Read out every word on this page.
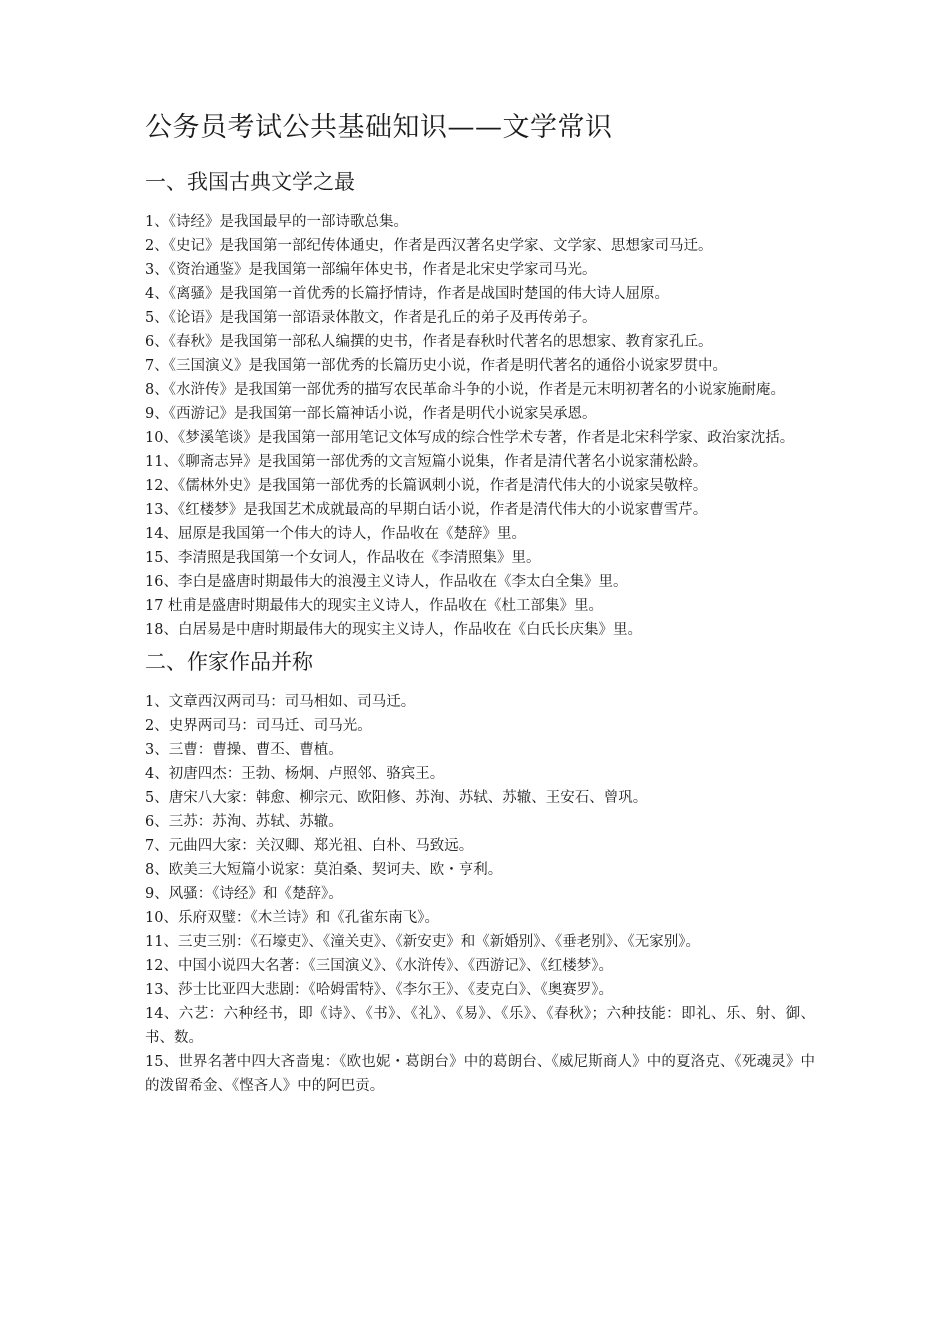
公务员考试公共基础知识——文学常识
一、我国古典文学之最
1、《诗经》是我国最早的一部诗歌总集。
2、《史记》是我国第一部纪传体通史，作者是西汉著名史学家、文学家、思想家司马迁。
3、《资治通鉴》是我国第一部编年体史书，作者是北宋史学家司马光。
4、《离骚》是我国第一首优秀的长篇抒情诗，作者是战国时楚国的伟大诗人屈原。
5、《论语》是我国第一部语录体散文，作者是孔丘的弟子及再传弟子。
6、《春秋》是我国第一部私人编撰的史书，作者是春秋时代著名的思想家、教育家孔丘。
7、《三国演义》是我国第一部优秀的长篇历史小说，作者是明代著名的通俗小说家罗贯中。
8、《水浒传》是我国第一部优秀的描写农民革命斗争的小说，作者是元末明初著名的小说家施耐庵。
9、《西游记》是我国第一部长篇神话小说，作者是明代小说家吴承恩。
10、《梦溪笔谈》是我国第一部用笔记文体写成的综合性学术专著，作者是北宋科学家、政治家沈括。
11、《聊斋志异》是我国第一部优秀的文言短篇小说集，作者是清代著名小说家蒲松龄。
12、《儒林外史》是我国第一部优秀的长篇讽刺小说，作者是清代伟大的小说家吴敬梓。
13、《红楼梦》是我国艺术成就最高的早期白话小说，作者是清代伟大的小说家曹雪芹。
14、屈原是我国第一个伟大的诗人，作品收在《楚辞》里。
15、李清照是我国第一个女词人，作品收在《李清照集》里。
16、李白是盛唐时期最伟大的浪漫主义诗人，作品收在《李太白全集》里。
17 杜甫是盛唐时期最伟大的现实主义诗人，作品收在《杜工部集》里。
18、白居易是中唐时期最伟大的现实主义诗人，作品收在《白氏长庆集》里。
二、作家作品并称
1、文章西汉两司马：司马相如、司马迁。
2、史界两司马：司马迁、司马光。
3、三曹：曹操、曹丕、曹植。
4、初唐四杰：王勃、杨炯、卢照邻、骆宾王。
5、唐宋八大家：韩愈、柳宗元、欧阳修、苏洵、苏轼、苏辙、王安石、曾巩。
6、三苏：苏洵、苏轼、苏辙。
7、元曲四大家：关汉卿、郑光祖、白朴、马致远。
8、欧美三大短篇小说家：莫泊桑、契诃夫、欧・亨利。
9、风骚：《诗经》和《楚辞》。
10、乐府双璧：《木兰诗》和《孔雀东南飞》。
11、三吏三别：《石壕吏》、《潼关吏》、《新安吏》和《新婚别》、《垂老别》、《无家别》。
12、中国小说四大名著：《三国演义》、《水浒传》、《西游记》、《红楼梦》。
13、莎士比亚四大悲剧：《哈姆雷特》、《李尔王》、《麦克白》、《奥赛罗》。
14、六艺：六种经书，即《诗》、《书》、《礼》、《易》、《乐》、《春秋》；六种技能：即礼、乐、射、御、书、数。
15、世界名著中四大吝啬鬼：《欧也妮・葛朗台》中的葛朗台、《威尼斯商人》中的夏洛克、《死魂灵》中的泼留希金、《悭吝人》中的阿巴贡。
